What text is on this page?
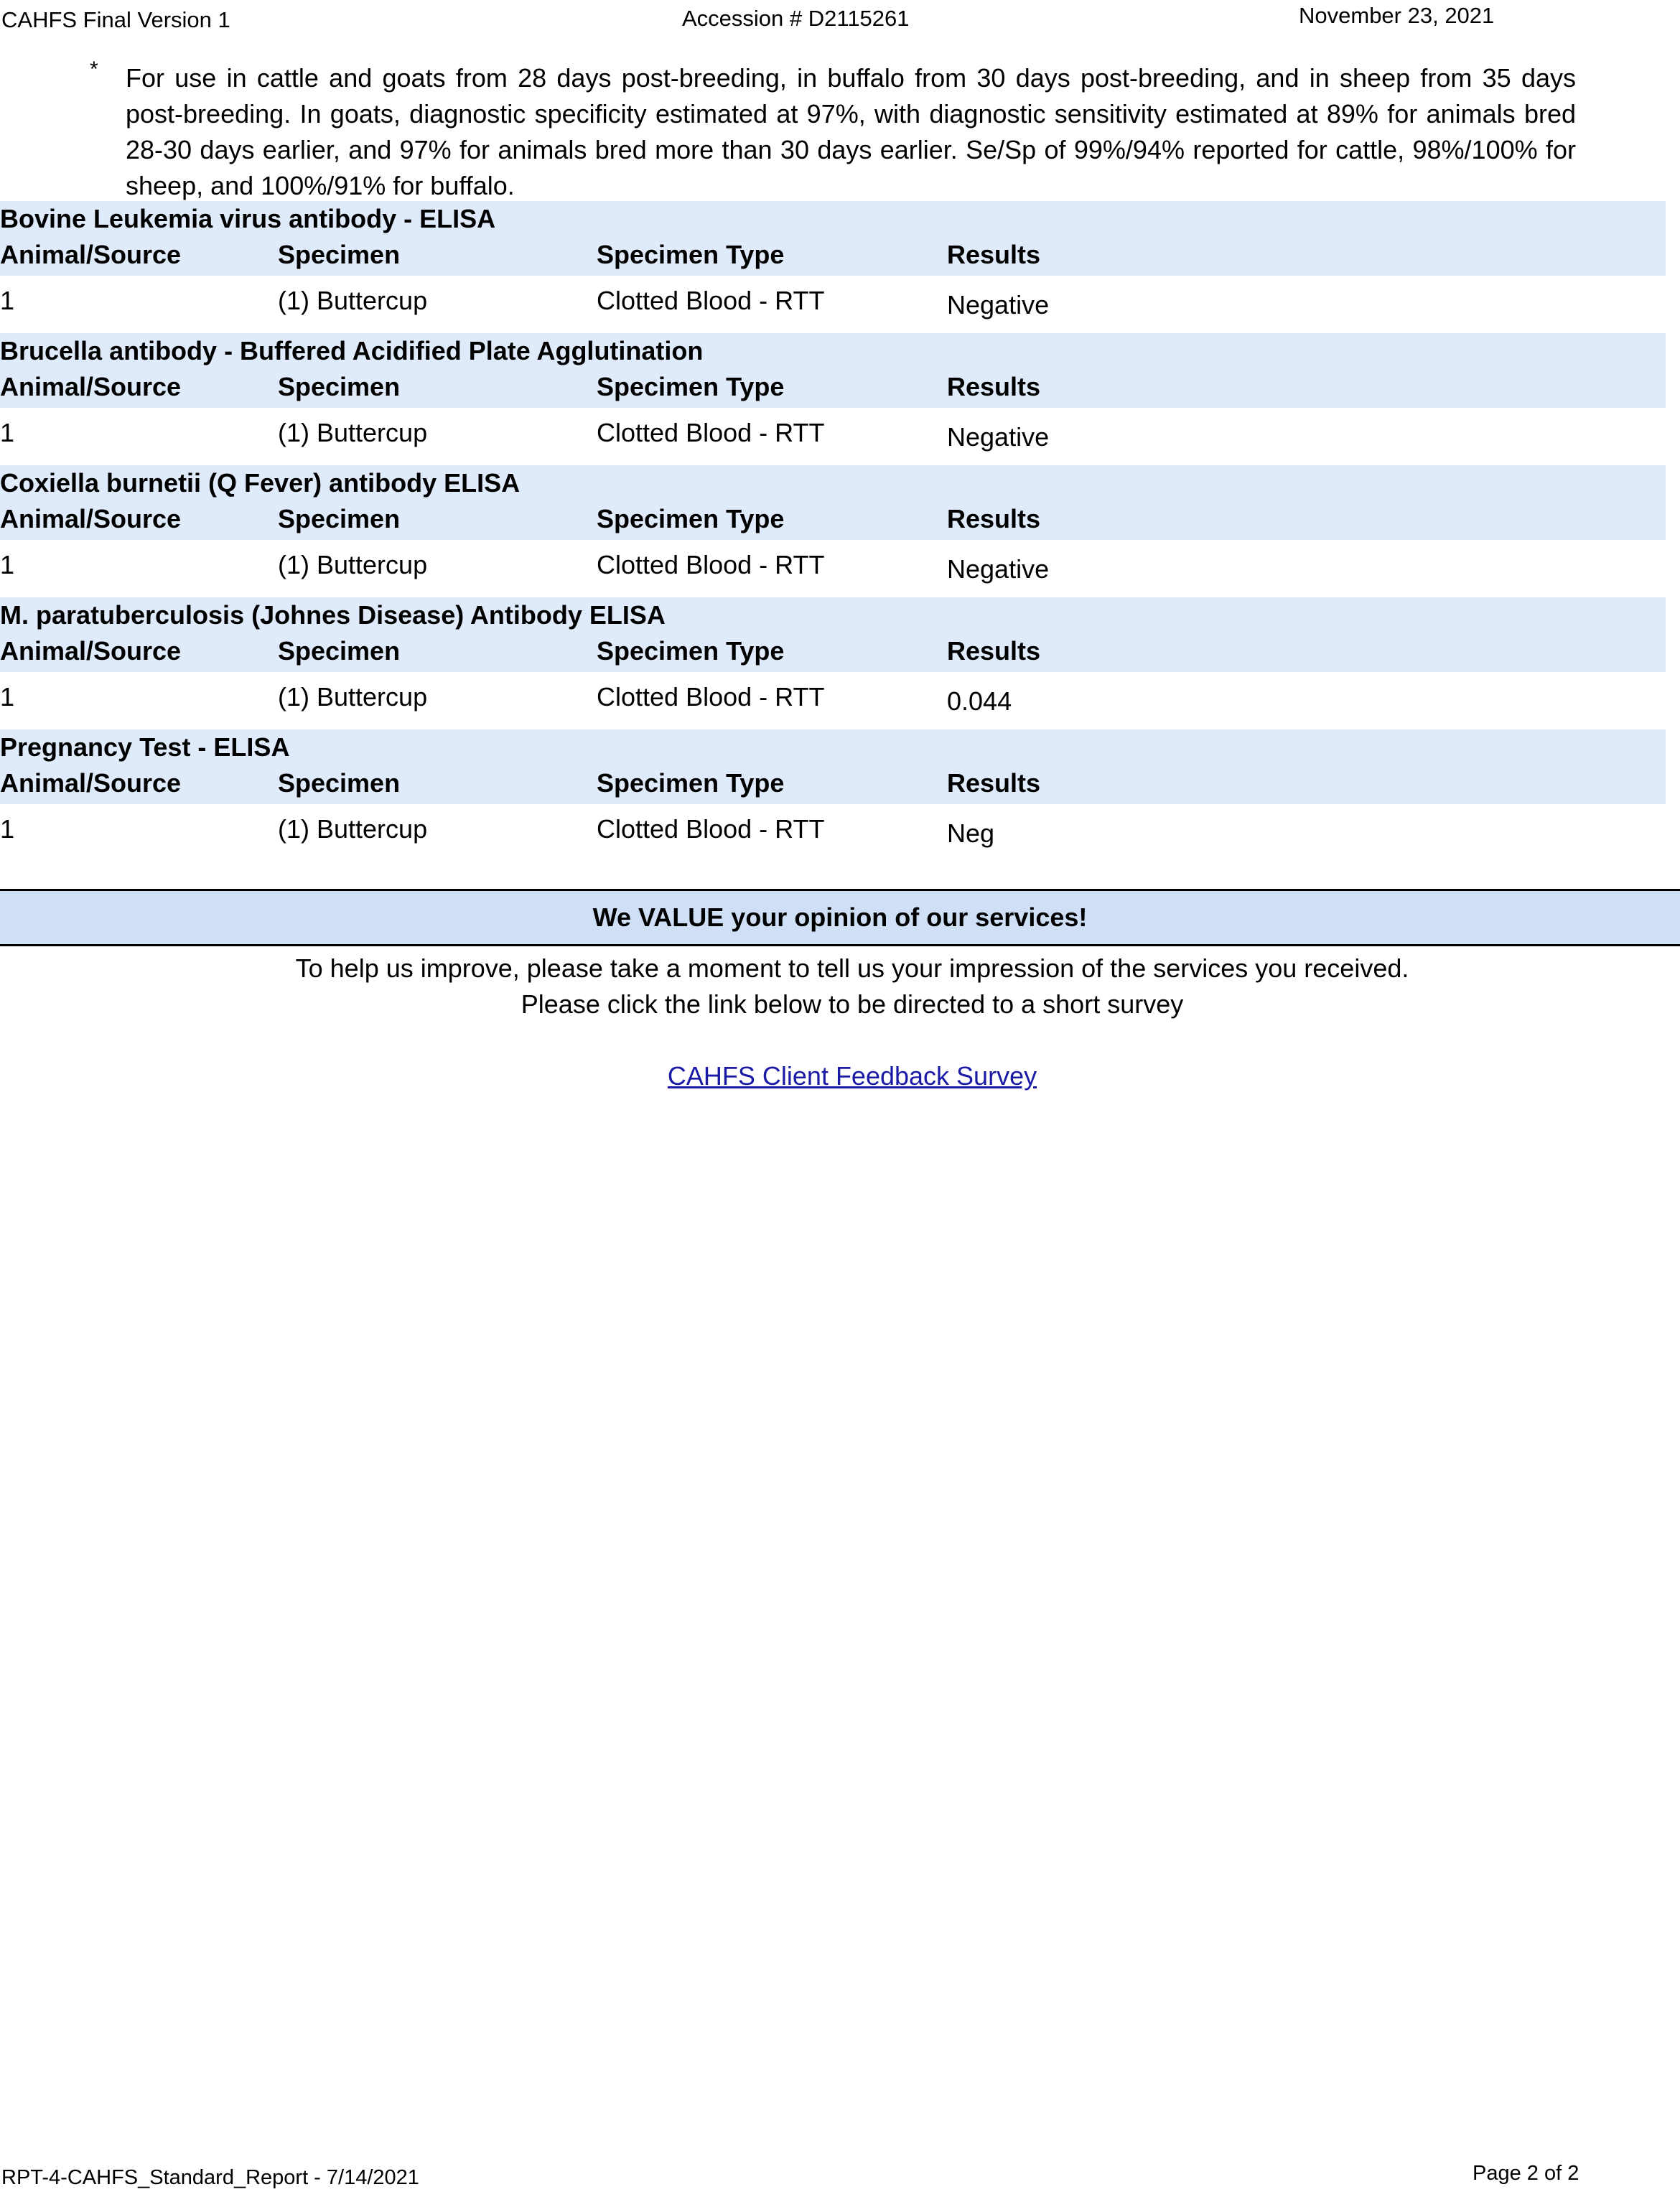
CAHFS Final Version 1	Accession # D2115261	November 23, 2021
* For use in cattle and goats from 28 days post-breeding, in buffalo from 30 days post-breeding, and in sheep from 35 days post-breeding. In goats, diagnostic specificity estimated at 97%, with diagnostic sensitivity estimated at 89% for animals bred 28-30 days earlier, and 97% for animals bred more than 30 days earlier. Se/Sp of 99%/94% reported for cattle, 98%/100% for sheep, and 100%/91% for buffalo.
Bovine Leukemia virus antibody - ELISA
Animal/Source	Specimen	Specimen Type	Results
1	(1) Buttercup	Clotted Blood - RTT	Negative
Brucella antibody - Buffered Acidified Plate Agglutination
Animal/Source	Specimen	Specimen Type	Results
1	(1) Buttercup	Clotted Blood - RTT	Negative
Coxiella burnetii (Q Fever) antibody ELISA
Animal/Source	Specimen	Specimen Type	Results
1	(1) Buttercup	Clotted Blood - RTT	Negative
M. paratuberculosis (Johnes Disease) Antibody ELISA
Animal/Source	Specimen	Specimen Type	Results
1	(1) Buttercup	Clotted Blood - RTT	0.044
Pregnancy Test - ELISA
Animal/Source	Specimen	Specimen Type	Results
1	(1) Buttercup	Clotted Blood - RTT	Neg
We VALUE your opinion of our services!
To help us improve, please take a moment to tell us your impression of the services you received.
Please click the link below to be directed to a short survey
CAHFS Client Feedback Survey
RPT-4-CAHFS_Standard_Report - 7/14/2021	Page 2 of 2
